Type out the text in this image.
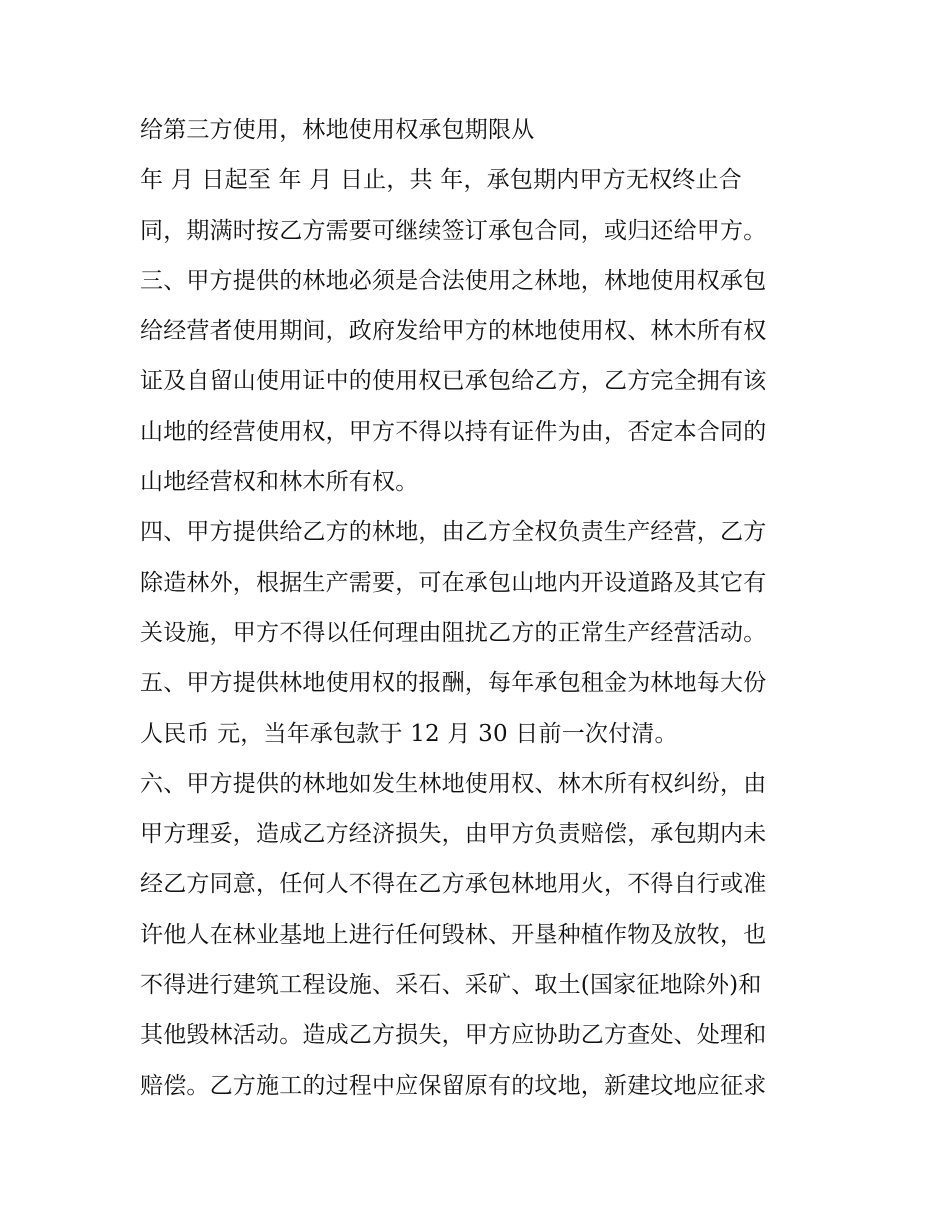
给第三方使用，林地使用权承包期限从
年 月 日起至 年 月 日止，共 年，承包期内甲方无权终止合
同，期满时按乙方需要可继续签订承包合同，或归还给甲方。
三、甲方提供的林地必须是合法使用之林地，林地使用权承包
给经营者使用期间，政府发给甲方的林地使用权、林木所有权
证及自留山使用证中的使用权已承包给乙方，乙方完全拥有该
山地的经营使用权，甲方不得以持有证件为由，否定本合同的
山地经营权和林木所有权。
四、甲方提供给乙方的林地，由乙方全权负责生产经营，乙方
除造林外，根据生产需要，可在承包山地内开设道路及其它有
关设施，甲方不得以任何理由阻扰乙方的正常生产经营活动。
五、甲方提供林地使用权的报酬，每年承包租金为林地每大份
人民币 元，当年承包款于 12 月 30 日前一次付清。
六、甲方提供的林地如发生林地使用权、林木所有权纠纷，由
甲方理妥，造成乙方经济损失，由甲方负责赔偿，承包期内未
经乙方同意，任何人不得在乙方承包林地用火，不得自行或准
许他人在林业基地上进行任何毁林、开垦种植作物及放牧，也
不得进行建筑工程设施、采石、采矿、取土(国家征地除外)和
其他毁林活动。造成乙方损失，甲方应协助乙方查处、处理和
赔偿。乙方施工的过程中应保留原有的坟地，新建坟地应征求
